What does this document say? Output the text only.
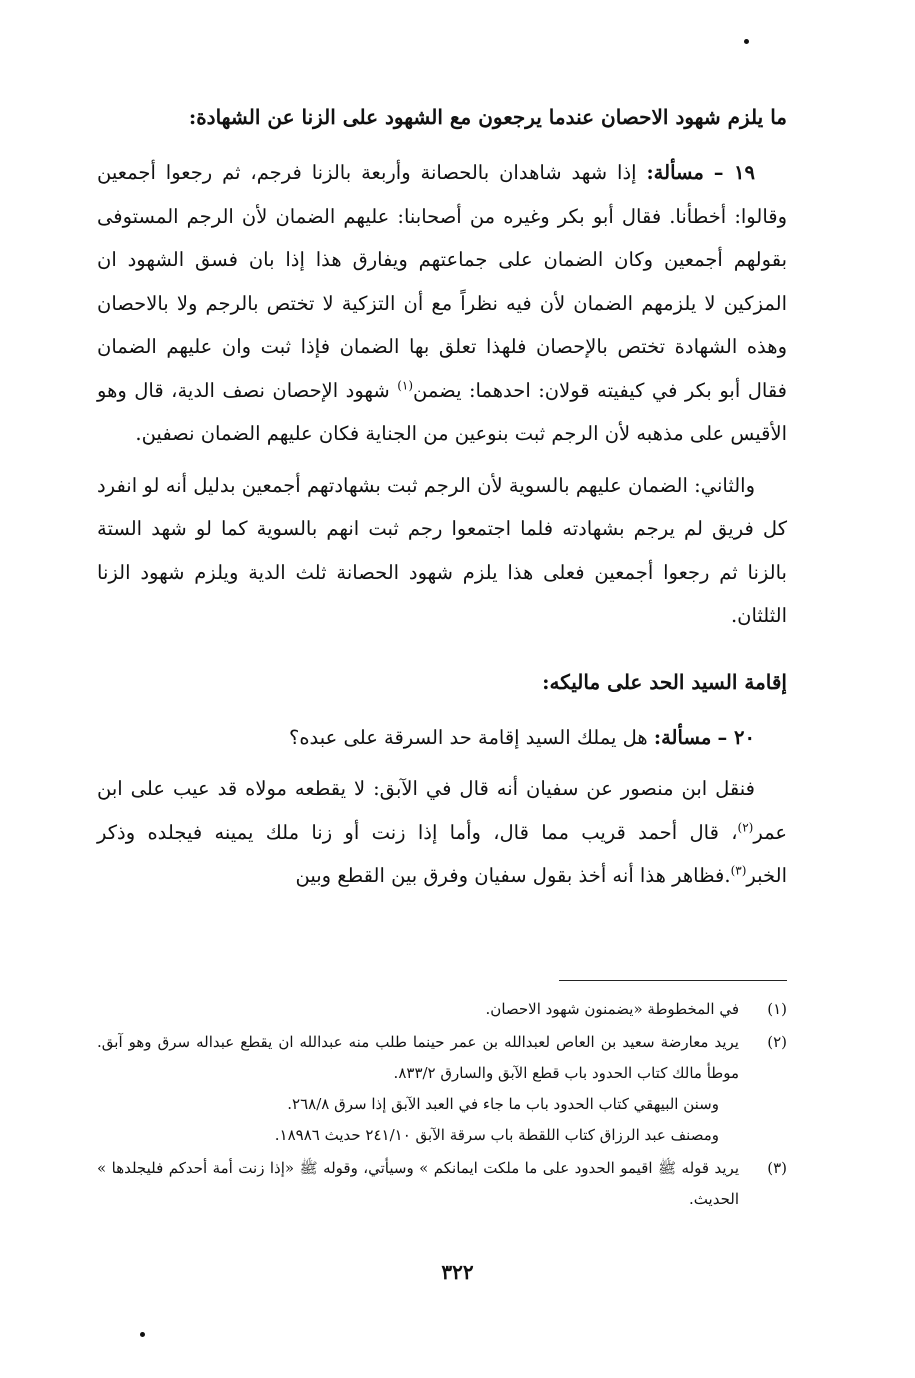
ما يلزم شهود الاحصان عندما يرجعون مع الشهود على الزنا عن الشهادة:

١٩ – مسألة: إذا شهد شاهدان بالحصانة وأربعة بالزنا فرجم، ثم رجعوا أجمعين وقالوا: أخطأنا. فقال أبو بكر وغيره من أصحابنا: عليهم الضمان لأن الرجم المستوفى بقولهم أجمعين وكان الضمان على جماعتهم ويفارق هذا إذا بان فسق الشهود ان المزكين لا يلزمهم الضمان لأن فيه نظراً مع أن التزكية لا تختص بالرجم ولا بالاحصان وهذه الشهادة تختص بالإحصان فلهذا تعلق بها الضمان فإذا ثبت وان عليهم الضمان فقال أبو بكر في كيفيته قولان: احدهما: يضمن$^{(١)}$ شهود الإحصان نصف الدية، قال وهو الأقيس على مذهبه لأن الرجم ثبت بنوعين من الجناية فكان عليهم الضمان نصفين.

والثاني: الضمان عليهم بالسوية لأن الرجم ثبت بشهادتهم أجمعين بدليل أنه لو انفرد كل فريق لم يرجم بشهادته فلما اجتمعوا رجم ثبت انهم بالسوية كما لو شهد الستة بالزنا ثم رجعوا أجمعين فعلى هذا يلزم شهود الحصانة ثلث الدية ويلزم شهود الزنا الثلثان.

إقامة السيد الحد على ماليكه:

٢٠ – مسألة: هل يملك السيد إقامة حد السرقة على عبده؟

فنقل ابن منصور عن سفيان أنه قال في الآبق: لا يقطعه مولاه قد عيب على ابن عمر$^{(٢)}$، قال أحمد قريب مما قال، وأما إذا زنت أو زنا ملك يمينه فيجلده وذكر الخبر$^{(٣)}$.فظاهر هذا أنه أخذ بقول سفيان وفرق بين القطع وبين

(١)
في المخطوطة «يضمنون شهود الاحصان.
(٢)
يريد معارضة سعيد بن العاص لعبدالله بن عمر حينما طلب منه عبدالله ان يقطع عبداله سرق وهو آبق. موطأ مالك كتاب الحدود باب قطع الآبق والسارق ٨٣٣/٢.
وسنن البيهقي كتاب الحدود باب ما جاء في العبد الآبق إذا سرق ٢٦٨/٨.
ومصنف عبد الرزاق كتاب اللقطة باب سرقة الآبق ٢٤١/١٠ حديث ١٨٩٨٦.
(٣)
يريد قوله ﷺ اقيمو الحدود على ما ملكت ايمانكم » وسيأتي، وقوله ﷺ «إذا زنت أمة أحدكم فليجلدها » الحديث.
٣٢٢
